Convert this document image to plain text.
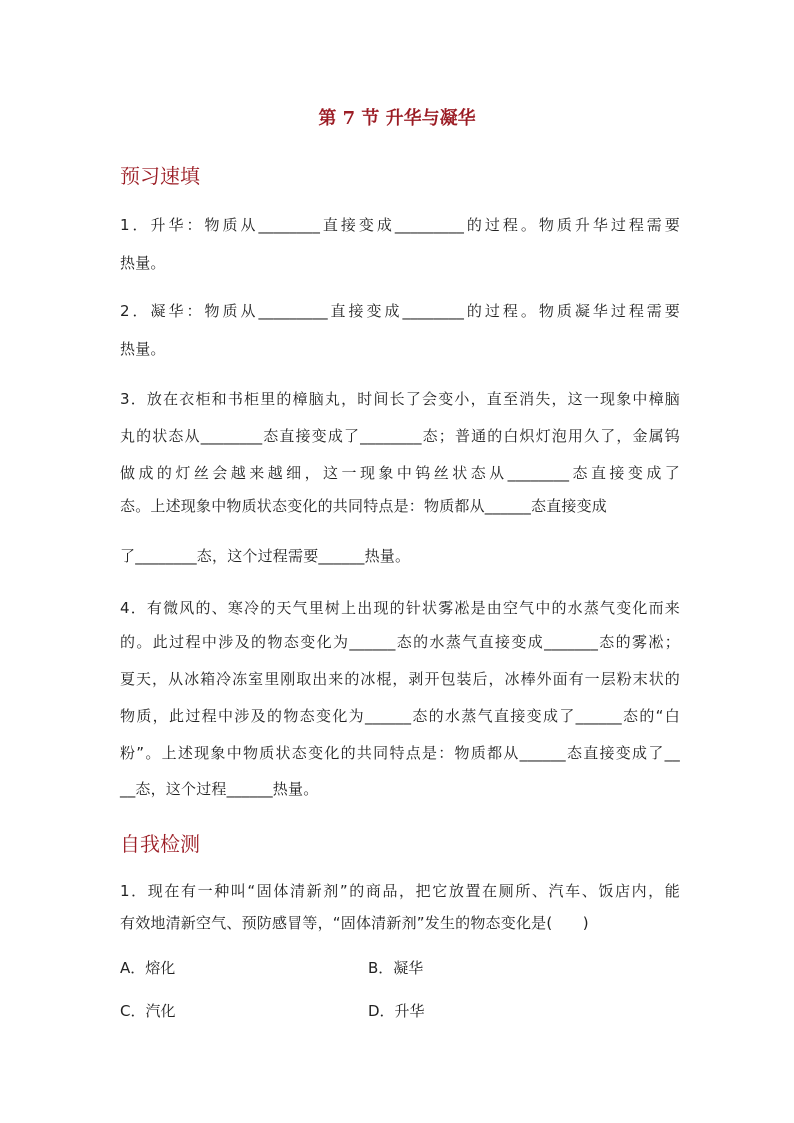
第 7 节 升华与凝华
预习速填
1．升华：物质从________直接变成_________的过程。物质升华过程需要
热量。
2．凝华：物质从_________直接变成________的过程。物质凝华过程需要
热量。
3．放在衣柜和书柜里的樟脑丸，时间长了会变小，直至消失，这一现象中樟脑
丸的状态从________态直接变成了________态；普通的白炽灯泡用久了，金属钨
做成的灯丝会越来越细，这一现象中钨丝状态从________态直接变成了
态。上述现象中物质状态变化的共同特点是：物质都从______态直接变成
了________态，这个过程需要______热量。
4．有微风的、寒冷的天气里树上出现的针状雾凇是由空气中的水蒸气变化而来
的。此过程中涉及的物态变化为______态的水蒸气直接变成_______态的雾凇；
夏天，从冰箱冷冻室里刚取出来的冰棍，剥开包装后，冰棒外面有一层粉末状的
物质，此过程中涉及的物态变化为______态的水蒸气直接变成了______态的“白
粉”。上述现象中物质状态变化的共同特点是：物质都从______态直接变成了__
__态，这个过程______热量。
自我检测
1．现在有一种叫“固体清新剂”的商品，把它放置在厕所、汽车、饭店内，能
有效地清新空气、预防感冒等，“固体清新剂”发生的物态变化是(　　)
A．熔化	B．凝华
C．汽化	D．升华
